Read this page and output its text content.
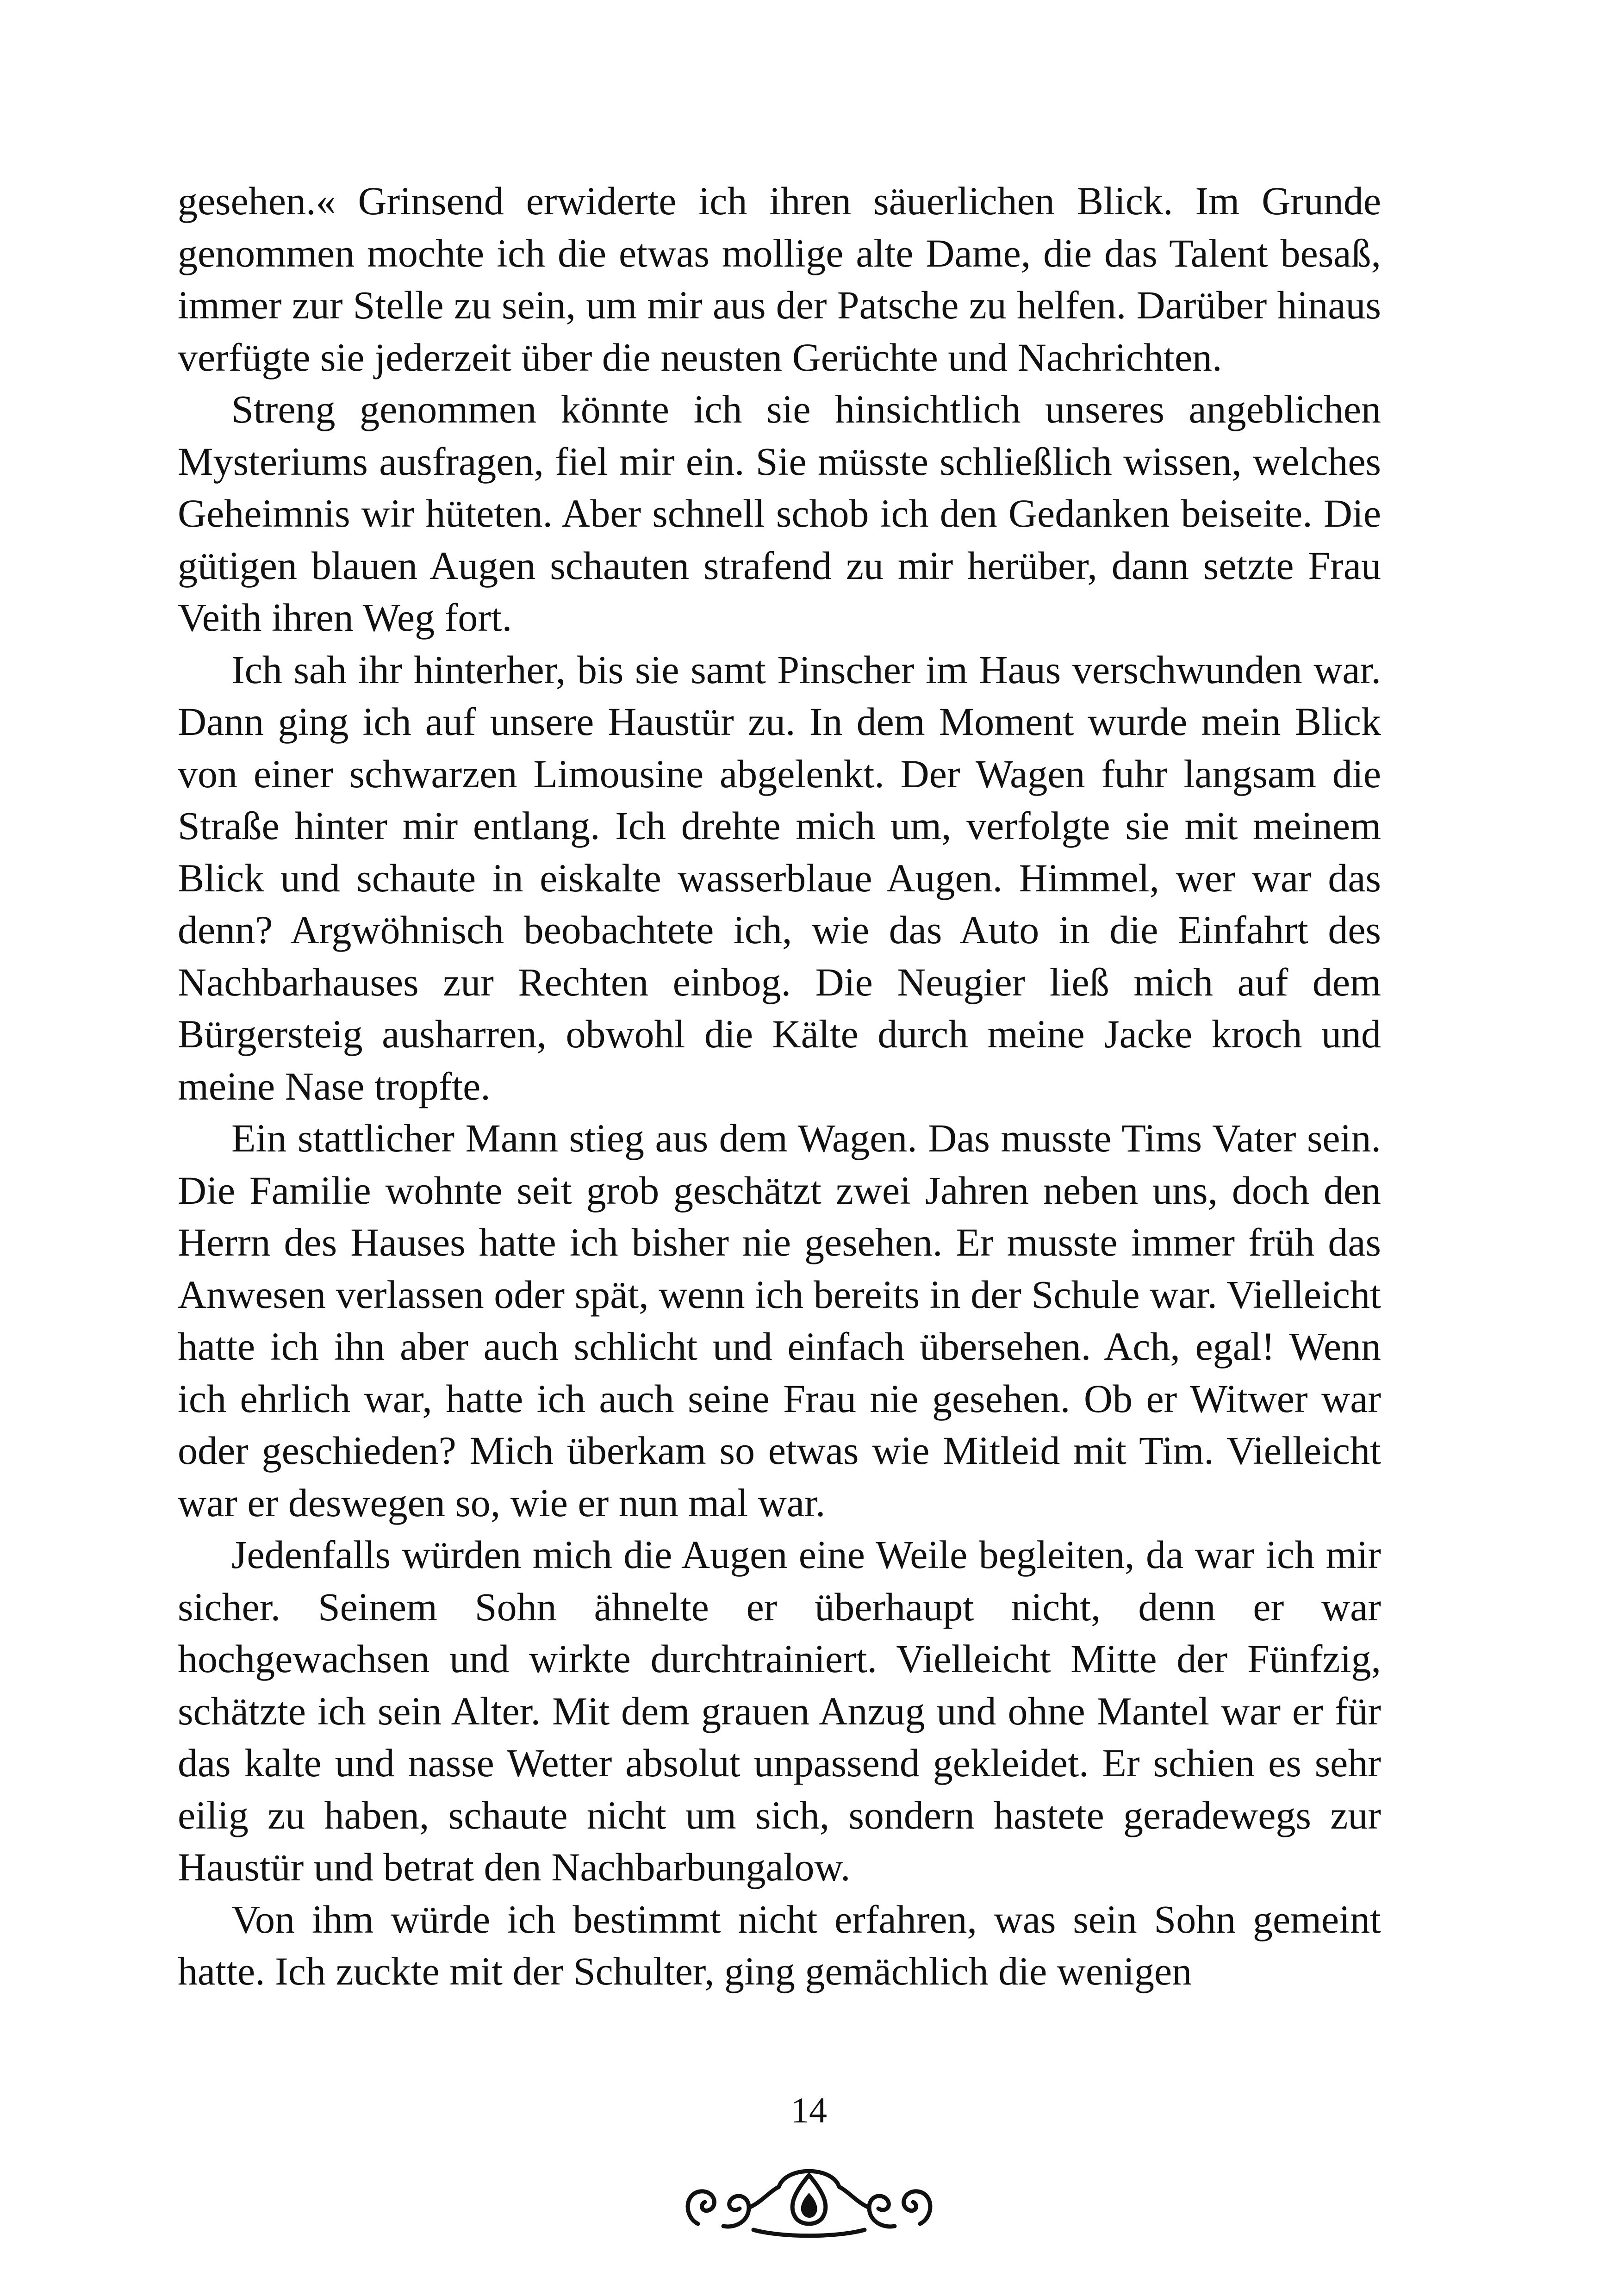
gesehen.« Grinsend erwiderte ich ihren säuerlichen Blick. Im Grunde genommen mochte ich die etwas mollige alte Dame, die das Talent besaß, immer zur Stelle zu sein, um mir aus der Patsche zu helfen. Darüber hinaus verfügte sie jederzeit über die neusten Gerüchte und Nachrichten.

Streng genommen könnte ich sie hinsichtlich unseres angeblichen Mysteriums ausfragen, fiel mir ein. Sie müsste schließlich wissen, welches Geheimnis wir hüteten. Aber schnell schob ich den Gedanken beiseite. Die gütigen blauen Augen schauten strafend zu mir herüber, dann setzte Frau Veith ihren Weg fort.

Ich sah ihr hinterher, bis sie samt Pinscher im Haus verschwunden war. Dann ging ich auf unsere Haustür zu. In dem Moment wurde mein Blick von einer schwarzen Limousine abgelenkt. Der Wagen fuhr langsam die Straße hinter mir entlang. Ich drehte mich um, verfolgte sie mit meinem Blick und schaute in eiskalte wasserblaue Augen. Himmel, wer war das denn? Argwöhnisch beobachtete ich, wie das Auto in die Einfahrt des Nachbarhauses zur Rechten einbog. Die Neugier ließ mich auf dem Bürgersteig ausharren, obwohl die Kälte durch meine Jacke kroch und meine Nase tropfte.

Ein stattlicher Mann stieg aus dem Wagen. Das musste Tims Vater sein. Die Familie wohnte seit grob geschätzt zwei Jahren neben uns, doch den Herrn des Hauses hatte ich bisher nie gesehen. Er musste immer früh das Anwesen verlassen oder spät, wenn ich bereits in der Schule war. Vielleicht hatte ich ihn aber auch schlicht und einfach übersehen. Ach, egal! Wenn ich ehrlich war, hatte ich auch seine Frau nie gesehen. Ob er Witwer war oder geschieden? Mich überkam so etwas wie Mitleid mit Tim. Vielleicht war er deswegen so, wie er nun mal war.

Jedenfalls würden mich die Augen eine Weile begleiten, da war ich mir sicher. Seinem Sohn ähnelte er überhaupt nicht, denn er war hochgewachsen und wirkte durchtrainiert. Vielleicht Mitte der Fünfzig, schätzte ich sein Alter. Mit dem grauen Anzug und ohne Mantel war er für das kalte und nasse Wetter absolut unpassend gekleidet. Er schien es sehr eilig zu haben, schaute nicht um sich, sondern hastete geradewegs zur Haustür und betrat den Nachbarbungalow.

Von ihm würde ich bestimmt nicht erfahren, was sein Sohn gemeint hatte. Ich zuckte mit der Schulter, ging gemächlich die wenigen

14
